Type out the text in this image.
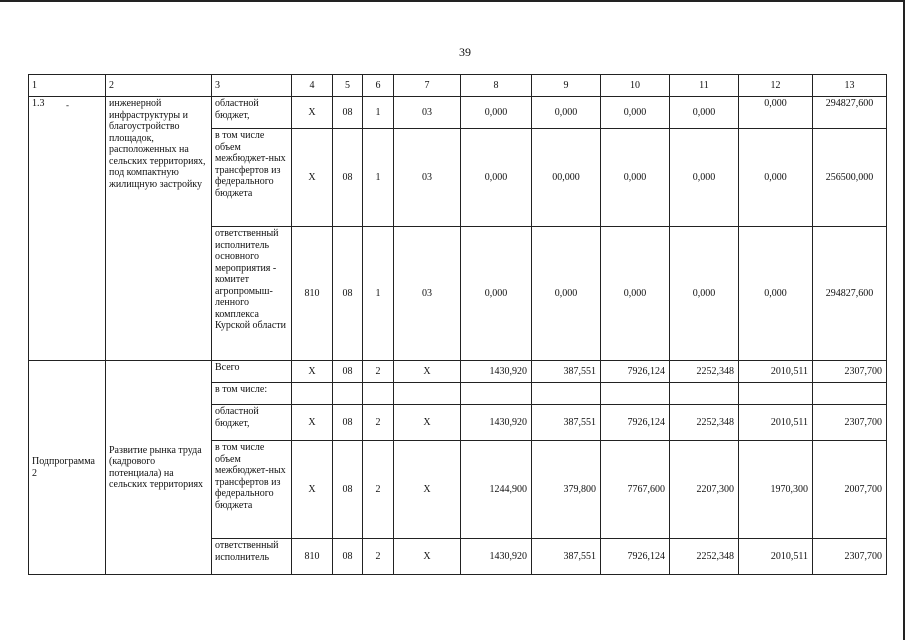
39
-
1	2	3	4	5	6	7	8	9	10	11	12	13
1.3	инженерной инфраструктуры и благоустройство площадок, расположенных на сельских территориях, под компактную жилищную застройку	областной бюджет,	Х	08	1	03	0,000	0,000	0,000	0,000	0,000	294827,600
		в том числе объем межбюджет-ных трансфертов из федерального бюджета	Х	08	1	03	0,000	00,000	0,000	0,000	0,000	256500,000
		ответственный исполнитель основного мероприятия - комитет агропромыш-ленного комплекса Курской области	810	08	1	03	0,000	0,000	0,000	0,000	0,000	294827,600
Подпрограмма 2	Развитие рынка труда (кадрового потенциала) на сельских территориях	Всего	Х	08	2	Х	1430,920	387,551	7926,124	2252,348	2010,511	2307,700
		в том числе:										
		областной бюджет,	Х	08	2	Х	1430,920	387,551	7926,124	2252,348	2010,511	2307,700
		в том числе объем межбюджет-ных трансфертов из федерального бюджета	Х	08	2	Х	1244,900	379,800	7767,600	2207,300	1970,300	2007,700
		ответственный исполнитель	810	08	2	Х	1430,920	387,551	7926,124	2252,348	2010,511	2307,700
